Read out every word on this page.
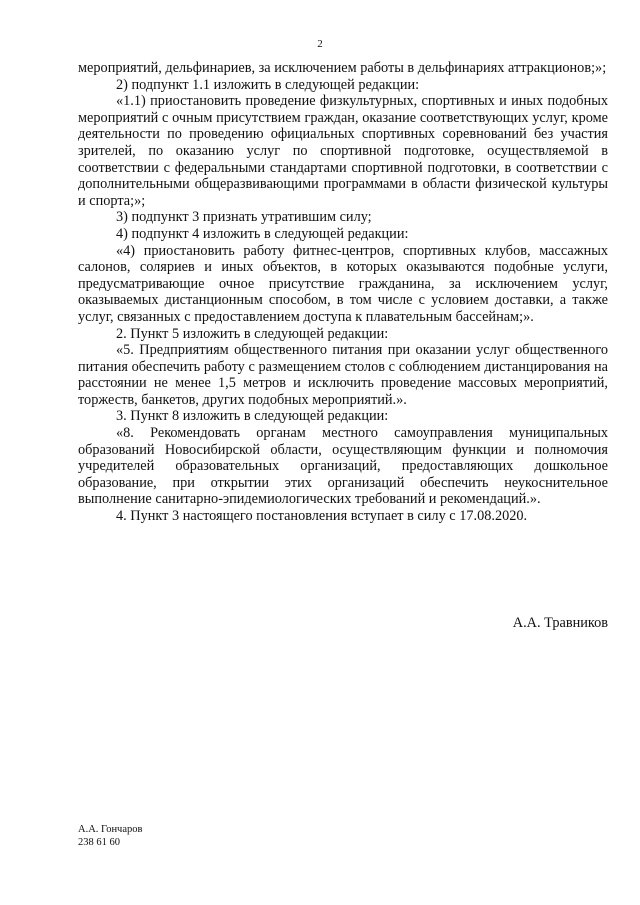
2

мероприятий, дельфинариев, за исключением работы в дельфинариях аттракционов;»;

2) подпункт 1.1 изложить в следующей редакции:

«1.1) приостановить проведение физкультурных, спортивных и иных подобных мероприятий с очным присутствием граждан, оказание соответствующих услуг, кроме деятельности по проведению официальных спортивных соревнований без участия зрителей, по оказанию услуг по спортивной подготовке, осуществляемой в соответствии с федеральными стандартами спортивной подготовки, в соответствии с дополнительными общеразвивающими программами в области физической культуры и спорта;»;

3) подпункт 3 признать утратившим силу;

4) подпункт 4 изложить в следующей редакции:

«4) приостановить работу фитнес-центров, спортивных клубов, массажных салонов, соляриев и иных объектов, в которых оказываются подобные услуги, предусматривающие очное присутствие гражданина, за исключением услуг, оказываемых дистанционным способом, в том числе с условием доставки, а также услуг, связанных с предоставлением доступа к плавательным бассейнам;».

2. Пункт 5 изложить в следующей редакции:

«5. Предприятиям общественного питания при оказании услуг общественного питания обеспечить работу с размещением столов с соблюдением дистанцирования на расстоянии не менее 1,5 метров и исключить проведение массовых мероприятий, торжеств, банкетов, других подобных мероприятий.».

3. Пункт 8 изложить в следующей редакции:

«8. Рекомендовать органам местного самоуправления муниципальных образований Новосибирской области, осуществляющим функции и полномочия учредителей образовательных организаций, предоставляющих дошкольное образование, при открытии этих организаций обеспечить неукоснительное выполнение санитарно-эпидемиологических требований и рекомендаций.».

4. Пункт 3 настоящего постановления вступает в силу с 17.08.2020.

А.А. Травников
А.А. Гончаров
238 61 60
